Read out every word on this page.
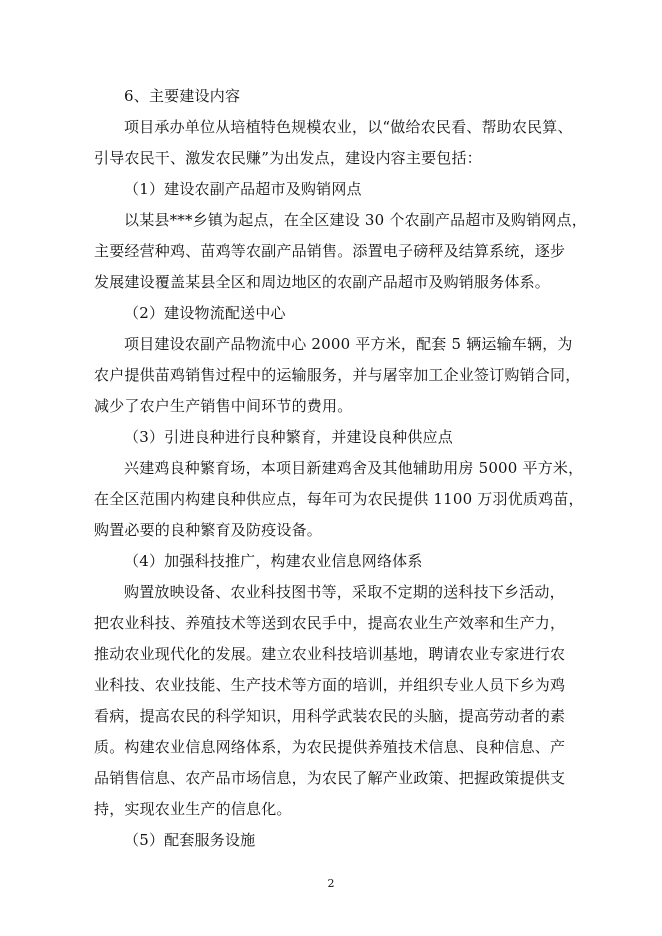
6、主要建设内容
项目承办单位从培植特色规模农业，以“做给农民看、帮助农民算、
引导农民干、激发农民赚”为出发点，建设内容主要包括：
（1）建设农副产品超市及购销网点
以某县***乡镇为起点，在全区建设 30 个农副产品超市及购销网点，
主要经营种鸡、苗鸡等农副产品销售。添置电子磅秤及结算系统，逐步
发展建设覆盖某县全区和周边地区的农副产品超市及购销服务体系。
（2）建设物流配送中心
项目建设农副产品物流中心 2000 平方米，配套 5 辆运输车辆，为
农户提供苗鸡销售过程中的运输服务，并与屠宰加工企业签订购销合同，
减少了农户生产销售中间环节的费用。
（3）引进良种进行良种繁育，并建设良种供应点
兴建鸡良种繁育场，本项目新建鸡舍及其他辅助用房 5000 平方米，
在全区范围内构建良种供应点，每年可为农民提供 1100 万羽优质鸡苗，
购置必要的良种繁育及防疫设备。
（4）加强科技推广，构建农业信息网络体系
购置放映设备、农业科技图书等，采取不定期的送科技下乡活动，
把农业科技、养殖技术等送到农民手中，提高农业生产效率和生产力，
推动农业现代化的发展。建立农业科技培训基地，聘请农业专家进行农
业科技、农业技能、生产技术等方面的培训，并组织专业人员下乡为鸡
看病，提高农民的科学知识，用科学武装农民的头脑，提高劳动者的素
质。构建农业信息网络体系，为农民提供养殖技术信息、良种信息、产
品销售信息、农产品市场信息，为农民了解产业政策、把握政策提供支
持，实现农业生产的信息化。
（5）配套服务设施
2
